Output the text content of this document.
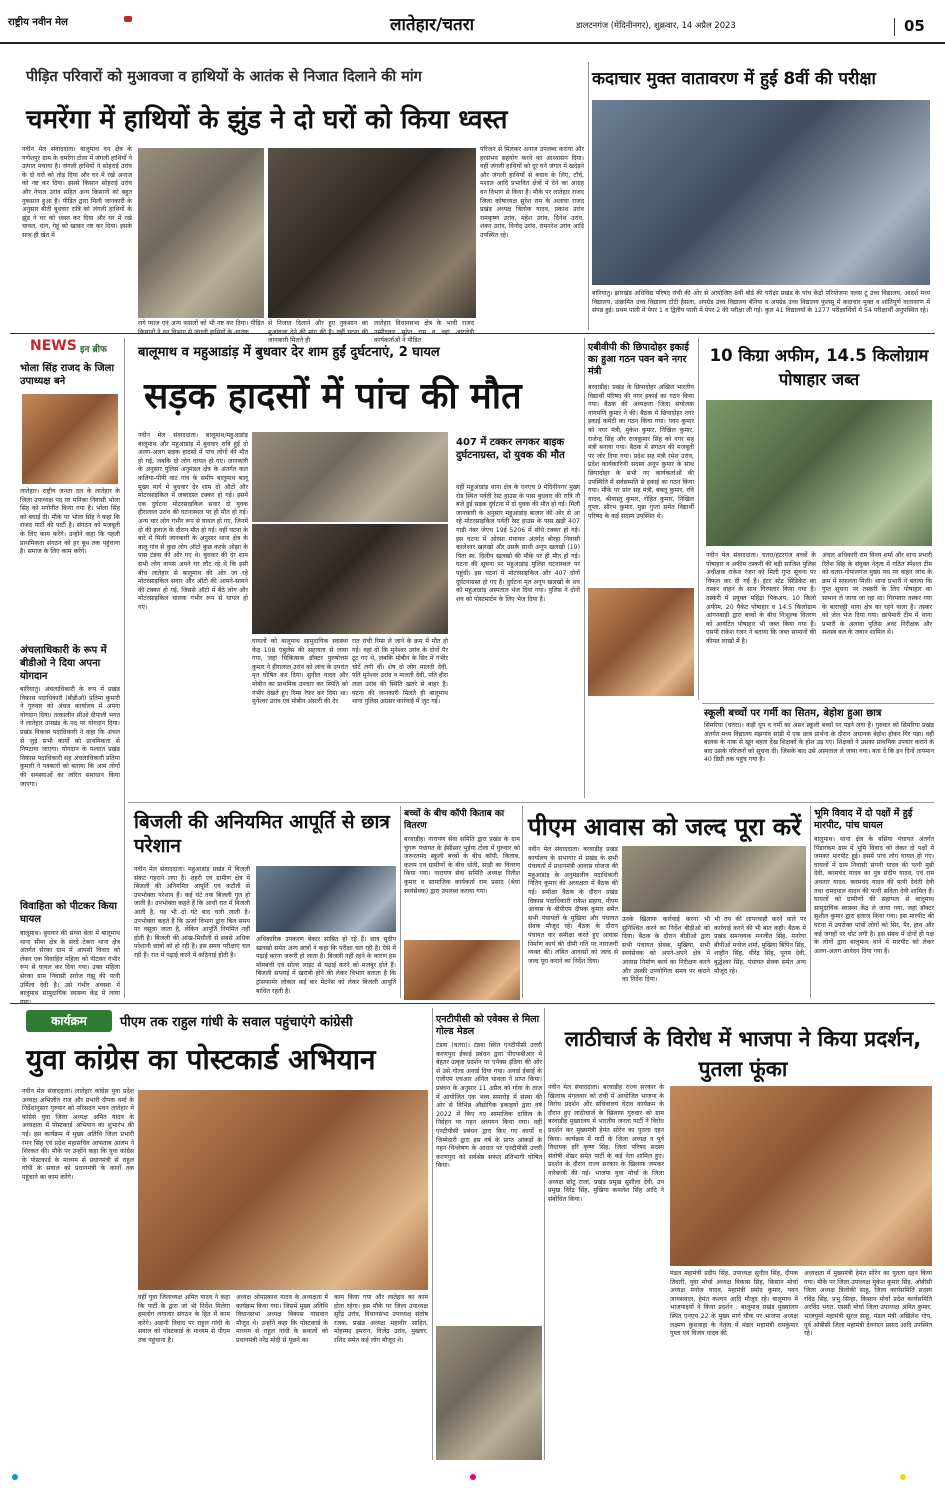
राष्ट्रीय नवीन मेल	लातेहार/चतरा	डालटनगंज (मेदिनीनगर), शुक्रवार, 14 अप्रैल 2023	05
पीड़ित परिवारों को मुआवजा व हाथियों के आतंक से निजात दिलाने की मांग
चमरेंगा में हाथियों के झुंड ने दो घरों को किया ध्वस्त
नवीन मेल संवाददाता। बालूमाथ वन क्षेत्र के गणेशपुर ग्राम के चमरेंगा टोला में जंगली हाथियों ने उत्पात मचाया है। जंगली हाथियों ने सोहराई उरांव के दो घरों को तोड़ दिया और घर में रखे अनाज को नष्ट कर दिया। इससे किसान सोहराई उरांव और नेपाल उरांव सहित अन्य किसानों को बहुत नुकसान हुआ है। पीड़ित द्वारा मिली जानकारी के अनुसार बीती बुधवार रात्रि को जंगली हाथियों के झुंड ने घर को ध्वस्त कर दिया और घर में रखे चावल, धान, गेहूं को खाकर नष्ट कर दिया। इसके साथ ही खेत में
लगे प्याज एवं अन्य फसलों को भी नष्ट कर दिया। पीड़ित से निजात दिलाने और हुए नुकसान का जानकारी मिलते ही
लातेहार विधानसभा क्षेत्र के भावी राजद कार्यकर्ताओं ने पीड़ित
परिजन से मिलकर अनाज उपलब्ध कराया और हरसंभव सहयोग करने का आश्वासन दिया। वहीं जंगली हाथियों को दूर घने जंगल में खदेड़ने और जंगली हाथियों से बचाव के लिए, टॉर्च, मशाल आदि प्रभावित क्षेत्रों में देने का आग्रह वन विभाग से किया है। मौके पर लातेहार राजद जिला कोषाध्यक्ष सुरेश राम के अलावा राजद प्रखंड अध्यक्ष त्रिलोक यादव, प्रकाश उरांव रामकृष्ण उरांव, महेश उरांव, दिनेश उरांव, शंकर उरांव, विनोद उरांव, रामनरेश उरांव आदि उपस्थित रहे।
कदाचार मुक्त वातावरण में हुई 8वीं की परीक्षा
बारियातु। झारखंड अधिविद्य परिषद रांची की ओर से आयोजित 8वीं बोर्ड की परीक्षा प्रखंड के पांच केंद्रों परियोजना फ्लस टू उच्च विद्यालय, आदर्श मध्य विद्यालय, उत्क्रमित उच्च विद्यालय टोंटी हैसला, अपग्रेड उच्च विद्यालय बेनिया व अपग्रेड उच्च विद्यालय फुलसू में कदाचार मुक्त व शांतिपूर्ण वातावरण में संपन्न हुई। प्रथम पाली में पेपर 1 व द्वितीय पाली में पेपर 2 की परीक्षा ली गई। कुल 41 विद्यालयों के 1277 परीक्षार्थियों में 54 परीक्षार्थी अनुपस्थित रहे।
NEWS इन ब्रीफ
भोला सिंह राजद के जिला उपाध्यक्ष बने
लातेहार। राष्ट्रीय जनता दल के लातेहार के जिला उपाध्यक्ष पद पर मनिका निवासी भोला सिंह को मनोनीत किया गया है। भोला सिंह को बधाई दी। मौके पर भोला सिंह ने कहा कि राजद पार्टी की पार्टी है। संगठन को मजबूती के लिए काम करेंगे। उन्होंने कहा कि पहली प्राथमिकता संगठन को हर बूथ तक पहुंचाना है। समाज के लिए काम करेंगे।
अंचलाधिकारी के रूप में बीडीओ ने दिया अपना योगदान
बारियातु। अंचलाधिकारी के रूप में प्रखंड विकास पदाधिकारी (बीडीओ) प्रतिमा कुमारी ने गुरुवार को अंचल कार्यालय में अपना योगदान दिया। तत्कालीन सीओ दीपाली भगत ने लातेहार उपखंड के पद पर योगदान दिया। प्रखंड विकास पदाधिकारी ने कहा कि अंचल से जुड़े सभी कार्यों को प्राथमिकता से निपटाया जाएगा। योगदान के पश्चात प्रखंड विकास पदाधिकारी सह अंचलाधिकारी प्रतिमा कुमारी ने पत्रकारों को बताया कि आम लोगों की समस्याओं का त्वरित समाधान किया जाएगा।
विवाहिता को पीटकर किया घायल
बालूमाथ। बुधवार की संध्या बेला में बालूमाथ थाना सीमा क्षेत्र के सरदे टेकरा थाना क्षेत्र अंतर्गत सेरका ग्राम में आपसी विवाद को लेकर एक विवाहित महिला को पीटकर गंभीर रूप से घायल कर दिया गया। उक्त महिला सेरका ग्राम निवासी सरोज गंझू की पत्नी उर्मिला देवी है। उसे गंभीर अवस्था में बालूमाथ सामुदायिक स्वास्थ्य केंद्र में लाया
बालूमाथ व महुआडांड़ में बुधवार देर शाम हुईं दुर्घटनाएं, 2 घायल
सड़क हादसों में पांच की मौत
नवीन मेल संवाददाता। बालूमाथ/महुआडांड़ बालूमाथ और महुआडांड़ में बुधवार रात्रि हुई दो अलग-अलग सड़क हादसों में पांच लोगों की मौत हो गई, जबकि दो लोग घायल हो गए। जानकारी के अनुसार पुलिस अनुमंडल क्षेत्र के अंतर्गत कल कलिया-पीपी वाट गांव के समीप बालूमाथ बालू मुख्य मार्ग में बुधवार देर शाम दो ऑटो और मोटरसाइकिल में जबरदस्त टक्कर हो गई। इसमें एक दुर्घटना मोटरसाइकिल सवार दो युवक हीरालाल उरांव की घटनास्थल पर ही मौत हो गई। अन्य चार लोग गंभीर रूप से घायल हो गए, जिनमें दो की इलाज के दौरान मौत हो गई। वहीं घटना के बारे में मिली जानकारी के अनुसार थाना क्षेत्र के बालू गांव से कुछ लोग ऑटो कुछ करके ओझा के पास टंडवा की ओर गए थे। बुधवार की देर शाम सभी लोग वापस अपने घर लौट रहे थे कि इसी बीच लातेहार से बालूमाथ की ओर जा रहे मोटरसाइकिल सवार और ऑटो की आमने-सामने की टक्कर हो गई, जिससे ऑटो में बैठे लोग और मोटरसाइकिल चालक गंभीर रूप से घायल हो गए।
घायलों को बालूमाथ सामुदायिक स्वास्थ्य केंद्र 108 एंबुलेंस की सहायता से लाया गया, जहां चिकित्सक डॉक्टर पुरुषोत्तम कुमार ने हीरालाल उरांव को जांच के उपरांत मृत घोषित कर दिया। सुनील यादव और मोबीन का प्राथमिक उपचार कर स्थिति को गंभीर देखते हुए रिम्स रेफर कर दिया था। मुनेश्वर उरांव एवं मोबीन अंसारी की देर
रात रांची रिम्स ले जाने के क्रम में मौत हो गई। वहां दो कि मुनेश्वर उरांव के दोनों पैर टूट गए थे, जबकि मोबीन के सिर में गंभीर चोटें लगी थीं। शेष दो लोग मालती देवी, पति मुनेश्वर उरांव व मालती देवी, पति हीरा लाल उरांव की स्थिति खतरे से बाहर है। घटना की जानकारी मिलते ही बालूमाथ थाना पुलिस अग्रसर कार्रवाई में जुट गई।
407 में टक्कर लगकर बाइक दुर्घटनाग्रस्त, दो युवक की मौत
वहीं महुआडांड़ थाना क्षेत्र के एनएच 9 मेदिनीनगर मुख्य रोड स्थित पर्वती रेस्ट हाउस के पास बुधवार की रात्रि नौ बजे हुई सड़क दुर्घटना में दो युवक की मौत हो गई। मिली जानकारी के अनुसार महुआडांड़ बाजार की ओर से आ रहे मोटरसाइकिल पर्वती रेस्ट हाउस के पास खड़ी 407 गाड़ी नंबर जेएच 19ई 5206 में सीधे टक्कर हो गई। इस घटना में ओरसा पंचायत अंतर्गत बोरहा निवासी कालेश्वर खलखो और उसके साथी अनूप खलखो (19) पिता स्व. दिलीप खलखो की मौके पर ही मौत हो गई। घटना की सूचना पर महुआडांड़ पुलिस घटनास्थल पर पहुंची। इस घटना में मोटरसाइकिल और 407 दोनों दुर्घटनाग्रस्त हो गए हैं। दुर्घटना मृत अनूप खलखो के शव को महुआडांड़ अस्पताल भेज दिया गया। पुलिस ने दोनों शव को पोस्टमार्टम के लिए भेज दिया है।
एबीवीपी की छिपादोहर इकाई का हुआ गठन पवन बने नगर मंत्री
बरवाडीह। प्रखंड के छिपादोहर अखिल भारतीय विद्यार्थी परिषद की नगर इकाई का गठन किया गया। बैठक की अध्यक्षता जिला संयोजक नागमणि कुमार ने की। बैठक में छिपादोहर नगर इकाई कमेटी का गठन किया गया। पवन कुमार को नगर मंत्री, मुकेश कुमार, निखिल कुमार, राजेन्द्र सिंह और राजकुमार सिंह को नगर सह मंत्री बनाया गया। बैठक में संगठन की मजबूती पर जोर दिया गया। प्रदेश सह मंत्री रमेश उरांव, प्रदेश कार्यकारिणी सदस्य अनूप कुमार के साथ छिपादोहर के सभी नए कार्यकर्ताओं की उपस्थिति में सर्वसम्मति से इकाई का गठन किया गया। मौके पर प्रांत सह मंत्री, बबलू कुमार, रवि यादव, श्रीवास्तु कुमार, रोहित कुमार, निखिल गुप्ता, सौरभ कुमार, मुन्ना गुप्ता समेत विद्यार्थी परिषद के कई सदस्य उपस्थित थे।
10 किग्रा अफीम, 14.5 किलोग्राम पोषाहार जब्त
नवीन मेल संवाददाता। चतरा/हंटरगंज बच्चों के पोषाहार व अफीम तस्करी की बड़ी साजिश पुलिस अधीक्षक राकेश रंजन को मिली गुप्त सूचना पर विफल कर दी गई है। इंटर स्टेट सिंडिकेट का तस्कर वाहन के साथ गिरफ्तार किया गया है। तस्करी में प्रयुक्त महिंद्रा पिकअप, 10 किलो अफीम, 20 पैकेट पोषाहार व 14.5 किलोग्राम आंगनबाड़ी द्वारा बच्चों के बीच निःशुल्क वितरण को आवंटित पोषाहार भी जब्त किया गया है। एसपी राकेश रंजन ने बताया कि जब्त सामानों की कीमत लाखों में है।
अंचल अधिकारी राम विनय शर्मा और थाना प्रभारी रितेश सिंह के संयुक्त नेतृत्व में गठित स्पेशल टीम को चतरा-गोपालगंज मुख्य पथ पर वाहन जांच के क्रम में सफलता मिली। थाना प्रभारी ने बताया कि गुप्त सूचना पर तस्करी के लिए पोषाहार का सामान ले जाया जा रहा था। गिरफ्तार तस्कर गया के बाराचट्टी थाना क्षेत्र का रहने वाला है। तस्कर को जेल भेज दिया गया। छापेमारी टीम में थाना प्रभारी के अलावा पुलिस अवर निरीक्षक और सशस्त्र बल के जवान शामिल थे।
स्कूली बच्चों पर गर्मी का सितम, बेहोश हुआ छात्र
सिमरिया (चतरा)। कड़ी धूप व गर्मी का असर स्कूली बच्चों पर पड़ने लगा है। गुरुवार को सिमरिया प्रखंड अंतर्गत मध्य विद्यालय मंझगांव सांडी में एक छात्र प्रार्थना के दौरान अचानक बेहोश होकर गिर पड़ा। वहीं बालक के नाक से खून बहता देख शिक्षकों के होश उड़ गए। शिक्षकों ने उसका प्राथमिक उपचार कराने के बाद उसके परिजनों को सूचना दी। जिसके बाद उसे अस्पताल ले जाया गया। बता दें कि इन दिनों तापमान 40 डिग्री तक पहुंच गया है।
बिजली की अनियमित आपूर्ति से छात्र परेशान
नवीन मेल संवाददाता। महुआडांड़ प्रखंड में बिजली संकट गहराने लगा है। शहरी एवं ग्रामीण क्षेत्र में बिजली की अनियमित आपूर्ति एवं कटौती से उपभोक्ता परेशान हैं। कई घंटे तक बिजली गुल हो जाती है। उपभोक्ता कहते हैं कि आधी रात में बिजली आती है, यह भी दो घंटे बाद चली जाती है। उपभोक्ता कहते हैं कि ऊर्जा विभाग द्वारा बिल समय पर वसूला जाता है, लेकिन आपूर्ति नियमित नहीं होती है। बिजली की आंख-मिचौली से सबसे अधिक परेशानी छात्रों को हो रही है। इस समय परीक्षाएं चल रही हैं। रात में पढ़ाई करने में कठिनाई होती है।
अधिकारिक उपकरण बेकार साबित हो रहे हैं। छात्र सुदीप खलखो समेत अन्य छात्रों ने कहा कि परीक्षा चल रही है। ऐसे में पढ़ाई करना जरूरी हो जाता है। बिजली नहीं रहने के कारण हम मोमबत्ती एवं सोलर लाइट से पढ़ाई करने को मजबूर होते हैं। बिजली सप्लाई में खराबी होने की लेकर विभाग बताता है कि ट्रांसफार्मर लोकल कई बार मेंटनेंस को लेकर बिजली आपूर्ति बाधित रहती है।
बच्चों के बीच कॉपी किताब का वितरण
बरवाडीह। नारायण सेवा समिति द्वारा प्रखंड के ग्राम चुंगरू पंचायत के ईसीसार भुईया टोला में गुरुवार को जरूरतमंद स्कूली बच्चों के बीच कॉपी, किताब, कलम एवं ग्रामीणों के बीच धोती, साड़ी का वितरण किया गया। नारायण सेवा समिति अध्यक्ष नितीश कुमार व सामाजिक कार्यकर्ता राम प्रसाद (श्रेया स्वयंसेवक) द्वारा उपलब्ध कराया गया।
पीएम आवास को जल्द पूरा करें
नवीन मेल संवाददाता। बरवाडीह प्रखंड कार्यालय के सभागार में प्रखंड के सभी पंचायतों में प्रधानमंत्री आवास योजना की महुआडांड़ के अनुमंडलीय पदाधिकारी नितिन कुमार की अध्यक्षता में बैठक की गई। समीक्षा बैठक के दौरान प्रखंड विकास पदाधिकारी राकेश सहाय, पीएम आवास के बीपीएम दीपक कुमार समेत सभी पंचायतों के मुखिया और पंचायत सेवक मौजूद रहे। बैठक के दौरान पंचायत वार समीक्षा करते हुए आवास निर्माण कार्य की धीमी गति पर नाराजगी व्यक्त की। लंबित आवासों को जल्द से जल्द पूरा कराने का निर्देश दिया।
उनके खिलाफ कार्रवाई करना भी सुनिश्चित करने का निर्देश बीडीओ को दिया। बैठक के दौरान बीडीओ द्वारा सभी पंचायत सेवक, मुखिया, सभी स्वयंसेवक को अपने-अपने क्षेत्र में आवास निर्माण कार्य का निरीक्षण करने और उसकी उपयोगिता समय पर कराने का निर्देश दिया।
भी तय की लापरवाही करने वाले पर कार्रवाई करने की भी बात कही। बैठक में प्रखंड समन्वयक मनजीत सिंह, मनरेगा बीपीओ मनोज शर्मा, मुखिया बिपिन सिंह, शाहीन सिंह, वीरेंद्र सिंह, पूनम देवी, बुद्धेश्वर सिंह, पंचायत सेवक समेत अन्य मौजूद रहे।
भूमि विवाद में दो पक्षों में हुई मारपीट, पांच घायल
बालूमाथ। थाना क्षेत्र के बसिया पंचायत अंतर्गत पिंडारकम ग्राम में भूमि विवाद को लेकर दो पक्षों में जमकर मारपीट हुई। इसमें पांच लोग घायल हो गए। घायलों में ग्राम निवासी संगनी यादव की पत्नी मुन्नी देवी, करमचंद यादव का पुत्र संदीप यादव, एवं राम अवतार यादव, करमचंद यादव की पत्नी देवंती देवी तथा रामदयाल यादव की पत्नी सविता देवी शामिल हैं। घायलों को ग्रामीणों की सहायता से बालूमाथ सामुदायिक स्वास्थ्य केंद्र ले जाया गया, जहां डॉक्टर सुशील कुमार द्वारा इलाज किया गया। इस मारपीट की घटना में उपरोक्त पांचों लोगों को सिर, पैर, हाथ और कई जगहों पर चोट लगी है। इस संबंध में दोनों ही पक्ष के लोगों द्वारा बालूमाथ थाने में मारपीट को लेकर अलग-अलग आवेदन दिया गया है।
कार्यक्रम	पीएम तक राहुल गांधी के सवाल पहुंचाएंगे कांग्रेसी
युवा कांग्रेस का पोस्टकार्ड अभियान
नवीन मेल संवाददाता। लातेहार कांग्रेस युवा प्रदेश अध्यक्ष अभिजीत राज और प्रभारी दीपक वर्मा के निर्देशानुसार गुरुवार को परिसदन भवन लातेहार में कांग्रेस युवा जिला अध्यक्ष अमित यादव के अध्यक्षता में पोस्टकार्ड अभियान का शुभारंभ की गई। इस कार्यक्रम में मुख्य अतिथि जिला प्रभारी रमन सिंह एवं प्रदेश महासचिव आफताब आलम ने शिरकत की। मौके पर उन्होंने कहा कि युवा कांग्रेस के पोस्टकार्ड के माध्यम से प्रधानमंत्री से राहुल गांधी के सवाल को प्रधानमंत्री के कानों तक पहुंचाने का काम करेंगे।
वहीं युवा जिलाध्यक्ष अमित यादव ने कहा कि पार्टी के द्वारा जो भी निर्देश मिलेगा हमलोग लगातार संगठन के हित में काम करेंगे। अडानी विवाद पर राहुल गांधी के सवाल को पोस्टकार्ड के माध्यम से पीएम तक पहुंचाना है।
अध्यक्ष ओमप्रकाश यादव के अध्यक्षता में कार्यक्रम किया गया। जिसमें मुख्य अतिथि विधानसभा अध्यक्ष विकास पासवान मौजूद थे। उन्होंने कहा कि पोस्टकार्ड के माध्यम से राहुल गांधी के सवालों को प्रधानमंत्री नरेंद्र मोदी से पूछने का
काम किया गया और लातेहार का काम होता रहेगा। इस मौके पर जिला उपाध्यक्ष सुरेंद्र उरांव, विधानसभा उपाध्यक्ष संतोष रजक, प्रखंड अध्यक्ष महावीर साहित, मोहम्मद इमरान, विजेंद्र उरांव, मुख्तार, रशिद समेत कई लोग मौजूद थे।
एनटीपीसी को एवेक्स से मिला गोल्ड मेडल
टंडवा (चतरा)। टंडवा स्थित एनटीपीसी उत्तरी करणपुरा ईकाई प्रबंधन द्वारा पीएफबीआर में बेहतर उत्कृष्ट प्रदर्शन पर एपेक्स इंडिया की ओर से उसे गोल्ड अवार्ड दिया गया। अवार्ड ईकाई के एजीएम एचआर अनिल चावला ने प्राप्त किया। प्रबंधन के अनुसार 11 अप्रैल को गोवा के ताज में आयोजित एक भव्य समारोह में संस्था की ओर से विभिन्न औद्योगिक इकाइयों द्वारा वर्ष 2022 में किए गए सामाजिक दायित्व के निर्वहन पर गहन अध्ययन किया गया। वहीं एनटीपीसी प्रबंधन द्वारा किए गए कार्यों व जिम्मेदारी द्वारा इस वर्ष के प्राप्त आंकड़ों के गहन विश्लेषण के आधार पर एनटीपीसी उत्तरी करणपुरा को सर्वश्रेष्ठ सफल प्रतिभागी घोषित किया।
लाठीचार्ज के विरोध में भाजपा ने किया प्रदर्शन, पुतला फूंका
नवीन मेल संवाददाता। बरवाडीह राज्य सरकार के खिलाफ मंगलवार को रांची में आयोजित भाजपा के विरोध प्रदर्शन और सचिवालय घेराव कार्यक्रम के दौरान हुए लाठीचार्ज के खिलाफ गुरुवार को ग्राम बरवाडीह मुख्यालय में भारतीय जनता पार्टी ने विरोध प्रदर्शन कर मुख्यमंत्री हेमंत सोरेन का पुतला दहन किया। कार्यक्रम में पार्टी के जिला अध्यक्ष व पूर्व विधायक हरि कृष्ण सिंह, जिला परिषद सदस्य संतोषी शेखर समेत पार्टी के कई नेता शामिल हुए। प्रदर्शन के दौरान राज्य सरकार के खिलाफ जमकर नारेबाजी की गई। भाजपा युवा मोर्चा के जिला अध्यक्ष छोटू राजा, प्रखंड प्रमुख सुशीला देवी, उप प्रमुख विरेंद्र सिंह, मुखिया कमलेश सिंह आदि ने संबोधित किया।
मंडल महामंत्री प्रदीप सिंह, उपाध्यक्ष सुनील सिंह, दीपक तिवारी, युवा मोर्चा अध्यक्ष विकास सिंह, किसान मोर्चा अध्यक्ष मनोज यादव, महामंत्री प्रमोद कुमार, पवन जायसवाल, हेमंत कश्यप आदि मौजूद रहे। बालूमाथ में भाजपाइयों ने किया प्रदर्शन : बालूमाथ प्रखंड मुख्यालय स्थित एनएच 22 के मुख्य मार्ग चौक पर भाजपा अध्यक्ष लक्ष्मण कुशवाहा के नेतृत्व में मंडल महामंत्री रामकुमार गुप्ता एवं विजय यादव की
अध्यक्षता में मुख्यमंत्री हेमंत सोरेन का पुतला दहन किया गया। मौके पर जिला उपाध्यक्ष मुकेश कुमार सिंह, ओबीसी जिला अध्यक्ष त्रिलोकी साहू, जिला कार्यसमिति सदस्य रविंद्र सिंह, प्रभु सिन्हा, किसान मोर्चा प्रदेश कार्यसमिति अरविंद भगत, एससी मोर्चा जिला उपाध्यक्ष अमित कुमार, भाजयुमो महामंत्री सूरज साहू, मंडल मंत्री अखिलेश गोप, पूर्व ओबीसी जिला महामंत्री देवनंदन प्रसाद आदि उपस्थित रहे।
